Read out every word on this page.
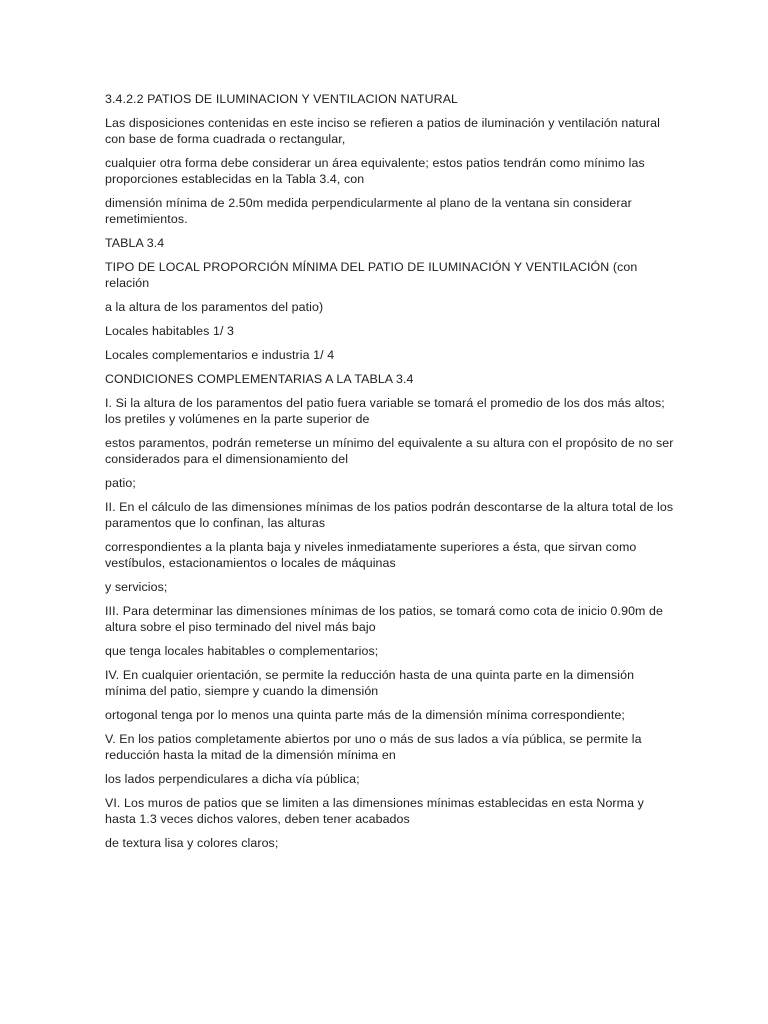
3.4.2.2 PATIOS DE ILUMINACION Y VENTILACION NATURAL

Las disposiciones contenidas en este inciso se refieren a patios de iluminación y ventilación natural con base de forma cuadrada o rectangular,

cualquier otra forma debe considerar un área equivalente; estos patios tendrán como mínimo las proporciones establecidas en la Tabla 3.4, con

dimensión mínima de 2.50m medida perpendicularmente al plano de la ventana sin considerar remetimientos.

TABLA 3.4

TIPO DE LOCAL PROPORCIÓN MÍNIMA DEL PATIO DE ILUMINACIÓN Y VENTILACIÓN (con relación

a la altura de los paramentos del patio)

Locales habitables 1/ 3

Locales complementarios e industria 1/ 4

CONDICIONES COMPLEMENTARIAS A LA TABLA 3.4

I. Si la altura de los paramentos del patio fuera variable se tomará el promedio de los dos más altos; los pretiles y volúmenes en la parte superior de

estos paramentos, podrán remeterse un mínimo del equivalente a su altura con el propósito de no ser considerados para el dimensionamiento del

patio;

II. En el cálculo de las dimensiones mínimas de los patios podrán descontarse de la altura total de los paramentos que lo confinan, las alturas

correspondientes a la planta baja y niveles inmediatamente superiores a ésta, que sirvan como vestíbulos, estacionamientos o locales de máquinas

y servicios;

III. Para determinar las dimensiones mínimas de los patios, se tomará como cota de inicio 0.90m de altura sobre el piso terminado del nivel más bajo

que tenga locales habitables o complementarios;

IV. En cualquier orientación, se permite la reducción hasta de una quinta parte en la dimensión mínima del patio, siempre y cuando la dimensión

ortogonal tenga por lo menos una quinta parte más de la dimensión mínima correspondiente;

V. En los patios completamente abiertos por uno o más de sus lados a vía pública, se permite la reducción hasta la mitad de la dimensión mínima en

los lados perpendiculares a dicha vía pública;

VI. Los muros de patios que se limiten a las dimensiones mínimas establecidas en esta Norma y hasta 1.3 veces dichos valores, deben tener acabados

de textura lisa y colores claros;
